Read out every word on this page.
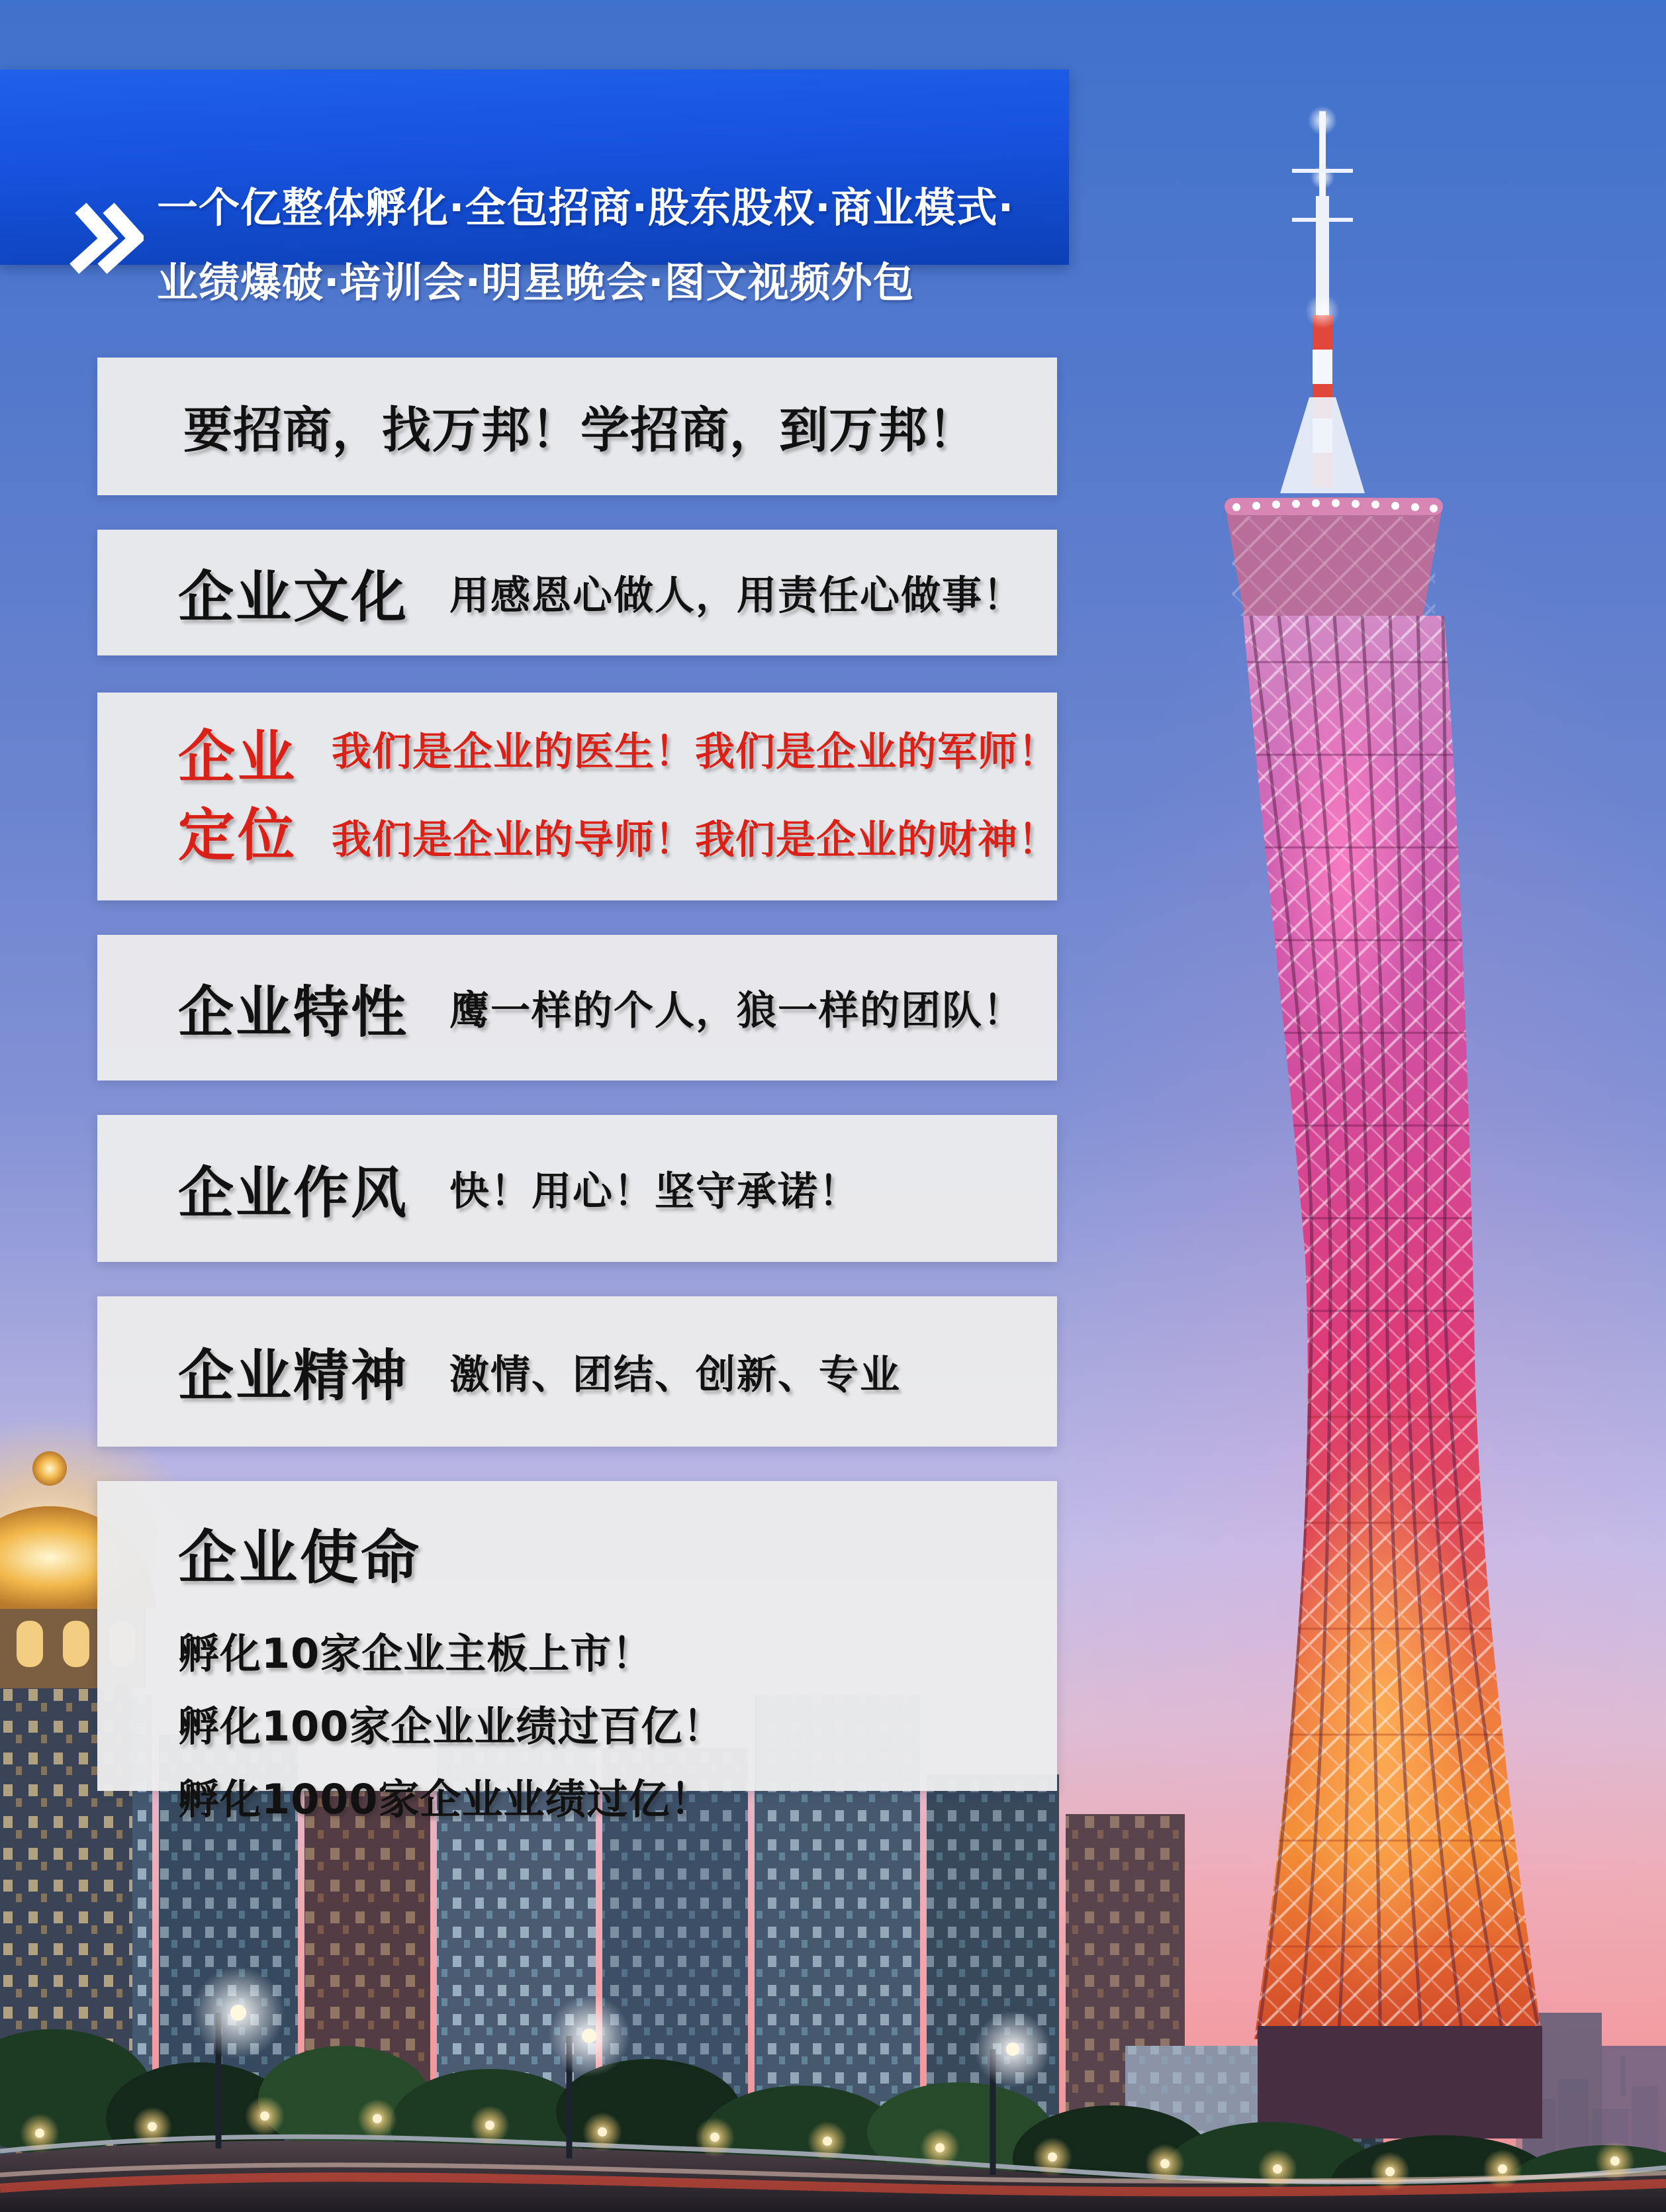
一个亿整体孵化·全包招商·股东股权·商业模式·
业绩爆破·培训会·明星晚会·图文视频外包
要招商，找万邦！学招商，到万邦！
企业文化 用感恩心做人，用责任心做事！
企业
定位
我们是企业的医生！我们是企业的军师！
我们是企业的导师！我们是企业的财神！
企业特性 鹰一样的个人，狼一样的团队！
企业作风 快！用心！坚守承诺！
企业精神 激情、团结、创新、专业
企业使命
孵化10家企业主板上市！
孵化100家企业业绩过百亿！
孵化1000家企业业绩过亿！
